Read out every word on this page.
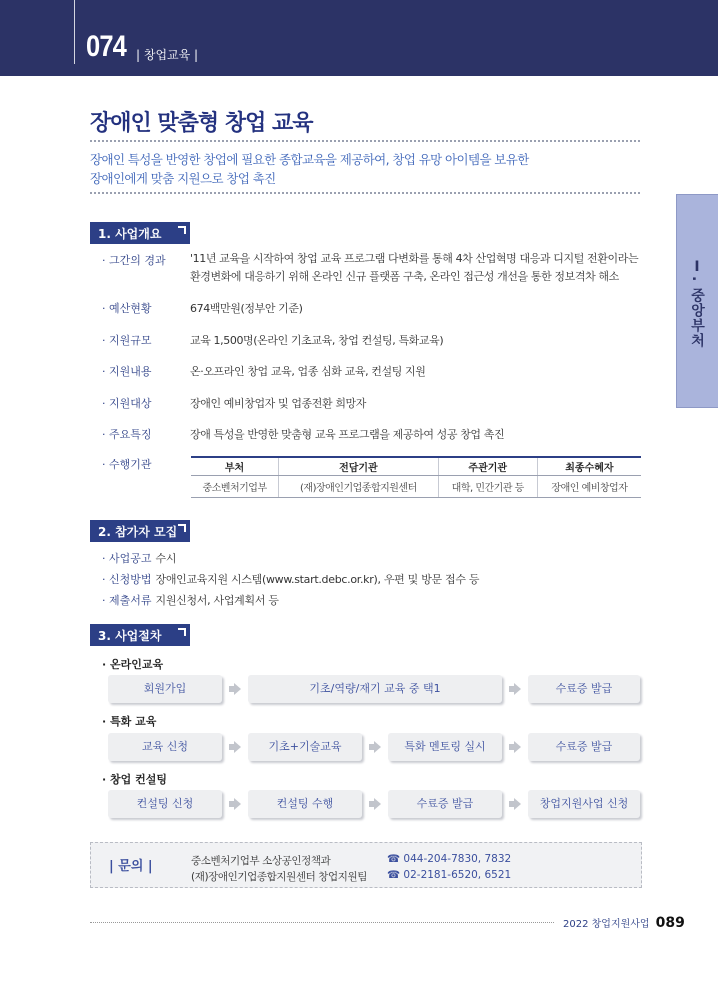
074 | 창업교육 |
Ⅰ. 중앙부처
장애인 맞춤형 창업 교육
장애인 특성을 반영한 창업에 필요한 종합교육을 제공하여, 창업 유망 아이템을 보유한
장애인에게 맞춤 지원으로 창업 촉진
1. 사업개요
· 그간의 경과 '11년 교육을 시작하여 창업 교육 프로그램 다변화를 통해 4차 산업혁명 대응과 디지털 전환이라는 환경변화에 대응하기 위해 온라인 신규 플랫폼 구축, 온라인 접근성 개선을 통한 정보격차 해소
· 예산현황	674백만원(정부안 기준)
· 지원규모	교육 1,500명(온라인 기초교육, 창업 컨설팅, 특화교육)
· 지원내용	온·오프라인 창업 교육, 업종 심화 교육, 컨설팅 지원
· 지원대상	장애인 예비창업자 및 업종전환 희망자
· 주요특징	장애 특성을 반영한 맞춤형 교육 프로그램을 제공하여 성공 창업 촉진
· 수행기관	부처	전담기관	주관기관	최종수혜자
중소벤처기업부	(재)장애인기업종합지원센터	대학, 민간기관 등	장애인 예비창업자
2. 참가자 모집
· 사업공고 수시
· 신청방법 장애인교육지원 시스템(www.start.debc.or.kr), 우편 및 방문 접수 등
· 제출서류 지원신청서, 사업계획서 등
3. 사업절차
· 온라인교육
회원가입	기초/역량/재기 교육 중 택1	수료증 발급
· 특화 교육
교육 신청	기초+기술교육	특화 멘토링 실시	수료증 발급
· 창업 컨설팅
컨설팅 신청	컨설팅 수행	수료증 발급	창업지원사업 신청
| 문의 |	중소벤처기업부 소상공인정책과	☎ 044-204-7830, 7832
(재)장애인기업종합지원센터 창업지원팀 ☎ 02-2181-6520, 6521
2022 창업지원사업 089
